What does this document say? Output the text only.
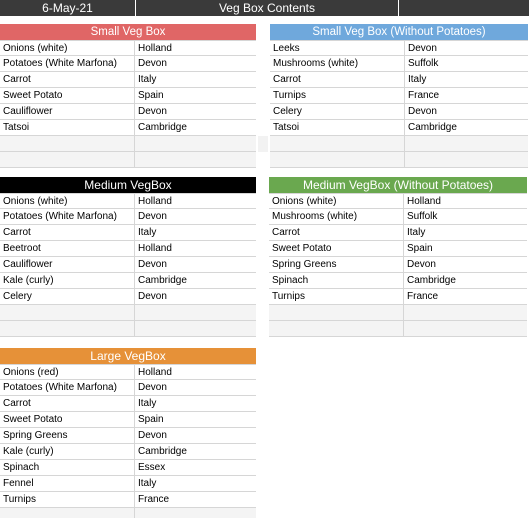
6-May-21	Veg Box Contents
Small Veg Box
Onions (white)	Holland
Potatoes (White Marfona)	Devon
Carrot	Italy
Sweet Potato	Spain
Cauliflower	Devon
Tatsoi	Cambridge
Small Veg Box (Without Potatoes)
Leeks	Devon
Mushrooms (white)	Suffolk
Carrot	Italy
Turnips	France
Celery	Devon
Tatsoi	Cambridge
Medium VegBox
Onions (white)	Holland
Potatoes (White Marfona)	Devon
Carrot	Italy
Beetroot	Holland
Cauliflower	Devon
Kale (curly)	Cambridge
Celery	Devon
Medium VegBox (Without Potatoes)
Onions (white)	Holland
Mushrooms (white)	Suffolk
Carrot	Italy
Sweet Potato	Spain
Spring Greens	Devon
Spinach	Cambridge
Turnips	France
Large VegBox
Onions (red)	Holland
Potatoes (White Marfona)	Devon
Carrot	Italy
Sweet Potato	Spain
Spring Greens	Devon
Kale (curly)	Cambridge
Spinach	Essex
Fennel	Italy
Turnips	France
